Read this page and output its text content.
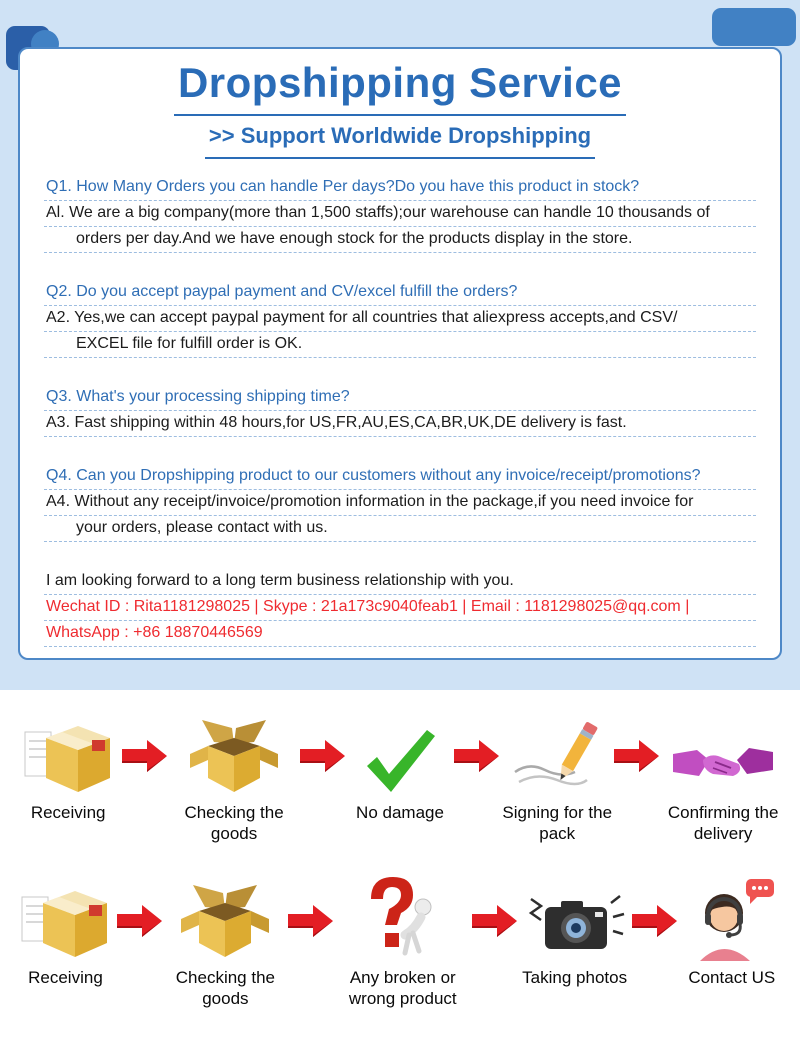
Dropshipping Service
>> Support Worldwide Dropshipping
Q1. How Many Orders you can handle Per days?Do you have this product in stock?
Al. We are a big company(more than 1,500 staffs);our warehouse can handle 10 thousands of
orders per day.And we have enough stock for the products display in the store.
Q2. Do you accept paypal payment and CV/excel fulfill the orders?
A2. Yes,we can accept paypal payment for all countries that aliexpress accepts,and CSV/
EXCEL file for fulfill order is OK.
Q3. What's your processing shipping time?
A3. Fast shipping within 48 hours,for US,FR,AU,ES,CA,BR,UK,DE delivery is fast.
Q4. Can you Dropshipping product to our customers without any invoice/receipt/promotions?
A4. Without any receipt/invoice/promotion information in the package,if you need invoice for
your orders, please contact with us.
I am looking forward to a long term business relationship with you.
Wechat ID : Rita1181298025 | Skype : 21a173c9040feab1 | Email : 1181298025@qq.com |
WhatsApp : +86 18870446569
Receiving	Checking the goods
No damage	Signing for the pack
Confirming the delivery
Receiving	Checking the goods
Any broken or wrong product
Taking photos	Contact US
